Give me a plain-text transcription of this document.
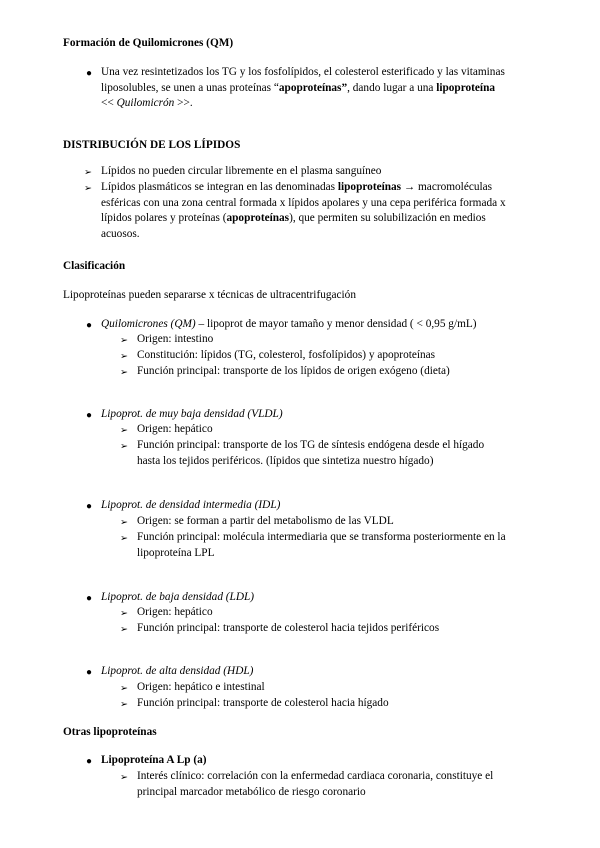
Formación de Quilomicrones (QM)
● Una vez resintetizados los TG y los fosfolípidos, el colesterol esterificado y las vitaminas liposolubles, se unen a unas proteínas “apoproteínas”, dando lugar a una lipoproteína
<< Quilomicrón >>.
DISTRIBUCIÓN DE LOS LÍPIDOS
➢ Lípidos no pueden circular libremente en el plasma sanguíneo
➢ Lípidos plasmáticos se integran en las denominadas lipoproteínas → macromoléculas
esféricas con una zona central formada x lípidos apolares y una cepa periférica formada x
lípidos polares y proteínas (apoproteínas), que permiten su solubilización en medios
acuosos.
Clasificación
Lipoproteínas pueden separarse x técnicas de ultracentrifugación
● Quilomicrones (QM) – lipoprot de mayor tamaño y menor densidad ( < 0,95 g/mL)
➢ Origen: intestino
➢ Constitución: lípidos (TG, colesterol, fosfolípidos) y apoproteínas
➢ Función principal: transporte de los lípidos de origen exógeno (dieta)
● Lipoprot. de muy baja densidad (VLDL)
➢ Origen: hepático
➢ Función principal: transporte de los TG de síntesis endógena desde el hígado
hasta los tejidos periféricos. (lípidos que sintetiza nuestro hígado)
● Lipoprot. de densidad intermedia (IDL)
➢ Origen: se forman a partir del metabolismo de las VLDL
➢ Función principal: molécula intermediaria que se transforma posteriormente en la
lipoproteína LPL
● Lipoprot. de baja densidad (LDL)
➢ Origen: hepático
➢ Función principal: transporte de colesterol hacia tejidos periféricos
● Lipoprot. de alta densidad (HDL)
➢ Origen: hepático e intestinal
➢ Función principal: transporte de colesterol hacia hígado
Otras lipoproteínas
● Lipoproteína A Lp (a)
➢ Interés clínico: correlación con la enfermedad cardiaca coronaria, constituye el
principal marcador metabólico de riesgo coronario
